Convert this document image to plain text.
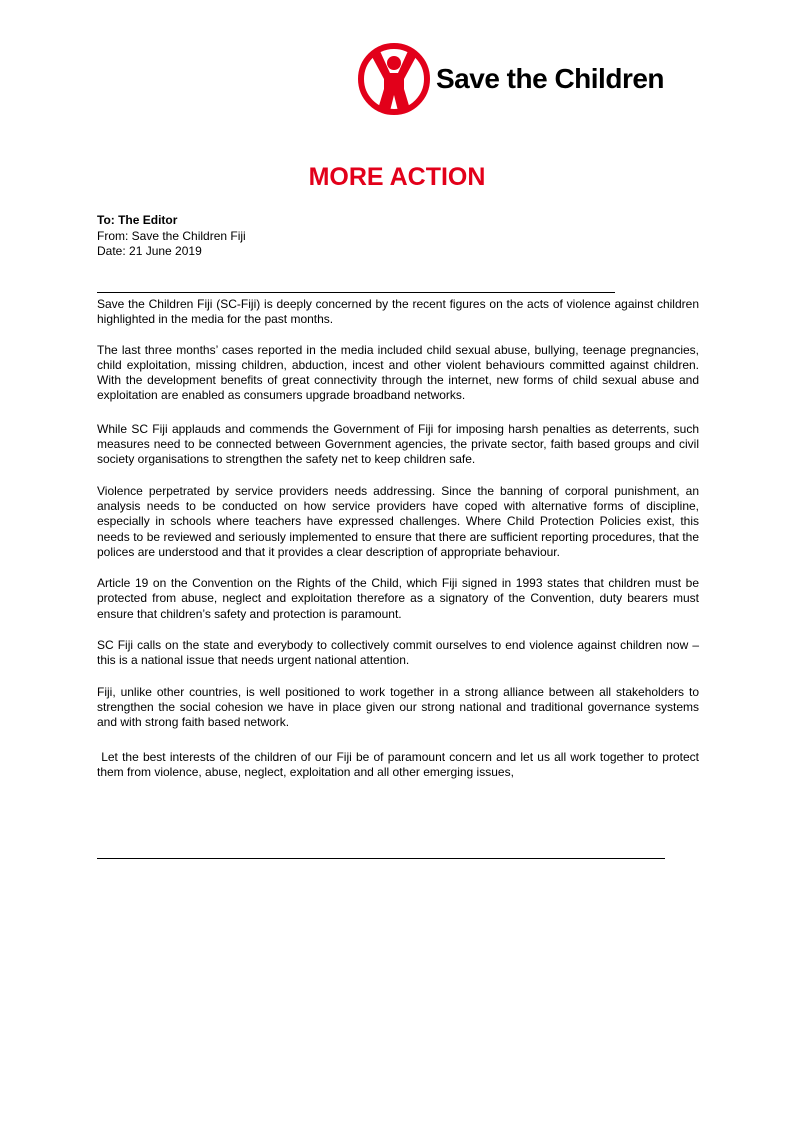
Save the Children
MORE ACTION
To: The Editor
From: Save the Children Fiji
Date: 21 June 2019

Save the Children Fiji (SC-Fiji) is deeply concerned by the recent figures on the acts of violence against children highlighted in the media for the past months.

The last three months’ cases reported in the media included child sexual abuse, bullying, teenage pregnancies, child exploitation, missing children, abduction, incest and other violent behaviours committed against children. With the development benefits of great connectivity through the internet, new forms of child sexual abuse and exploitation are enabled as consumers upgrade broadband networks.

While SC Fiji applauds and commends the Government of Fiji for imposing harsh penalties as deterrents, such measures need to be connected between Government agencies, the private sector, faith based groups and civil society organisations to strengthen the safety net to keep children safe.

Violence perpetrated by service providers needs addressing. Since the banning of corporal punishment, an analysis needs to be conducted on how service providers have coped with alternative forms of discipline, especially in schools where teachers have expressed challenges. Where Child Protection Policies exist, this needs to be reviewed and seriously implemented to ensure that there are sufficient reporting procedures, that the polices are understood and that it provides a clear description of appropriate behaviour.

Article 19 on the Convention on the Rights of the Child, which Fiji signed in 1993 states that children must be protected from abuse, neglect and exploitation therefore as a signatory of the Convention, duty bearers must ensure that children’s safety and protection is paramount.

SC Fiji calls on the state and everybody to collectively commit ourselves to end violence against children now – this is a national issue that needs urgent national attention.

Fiji, unlike other countries, is well positioned to work together in a strong alliance between all stakeholders to strengthen the social cohesion we have in place given our strong national and traditional governance systems and with strong faith based network.

Let the best interests of the children of our Fiji be of paramount concern and let us all work together to protect them from violence, abuse, neglect, exploitation and all other emerging issues,
